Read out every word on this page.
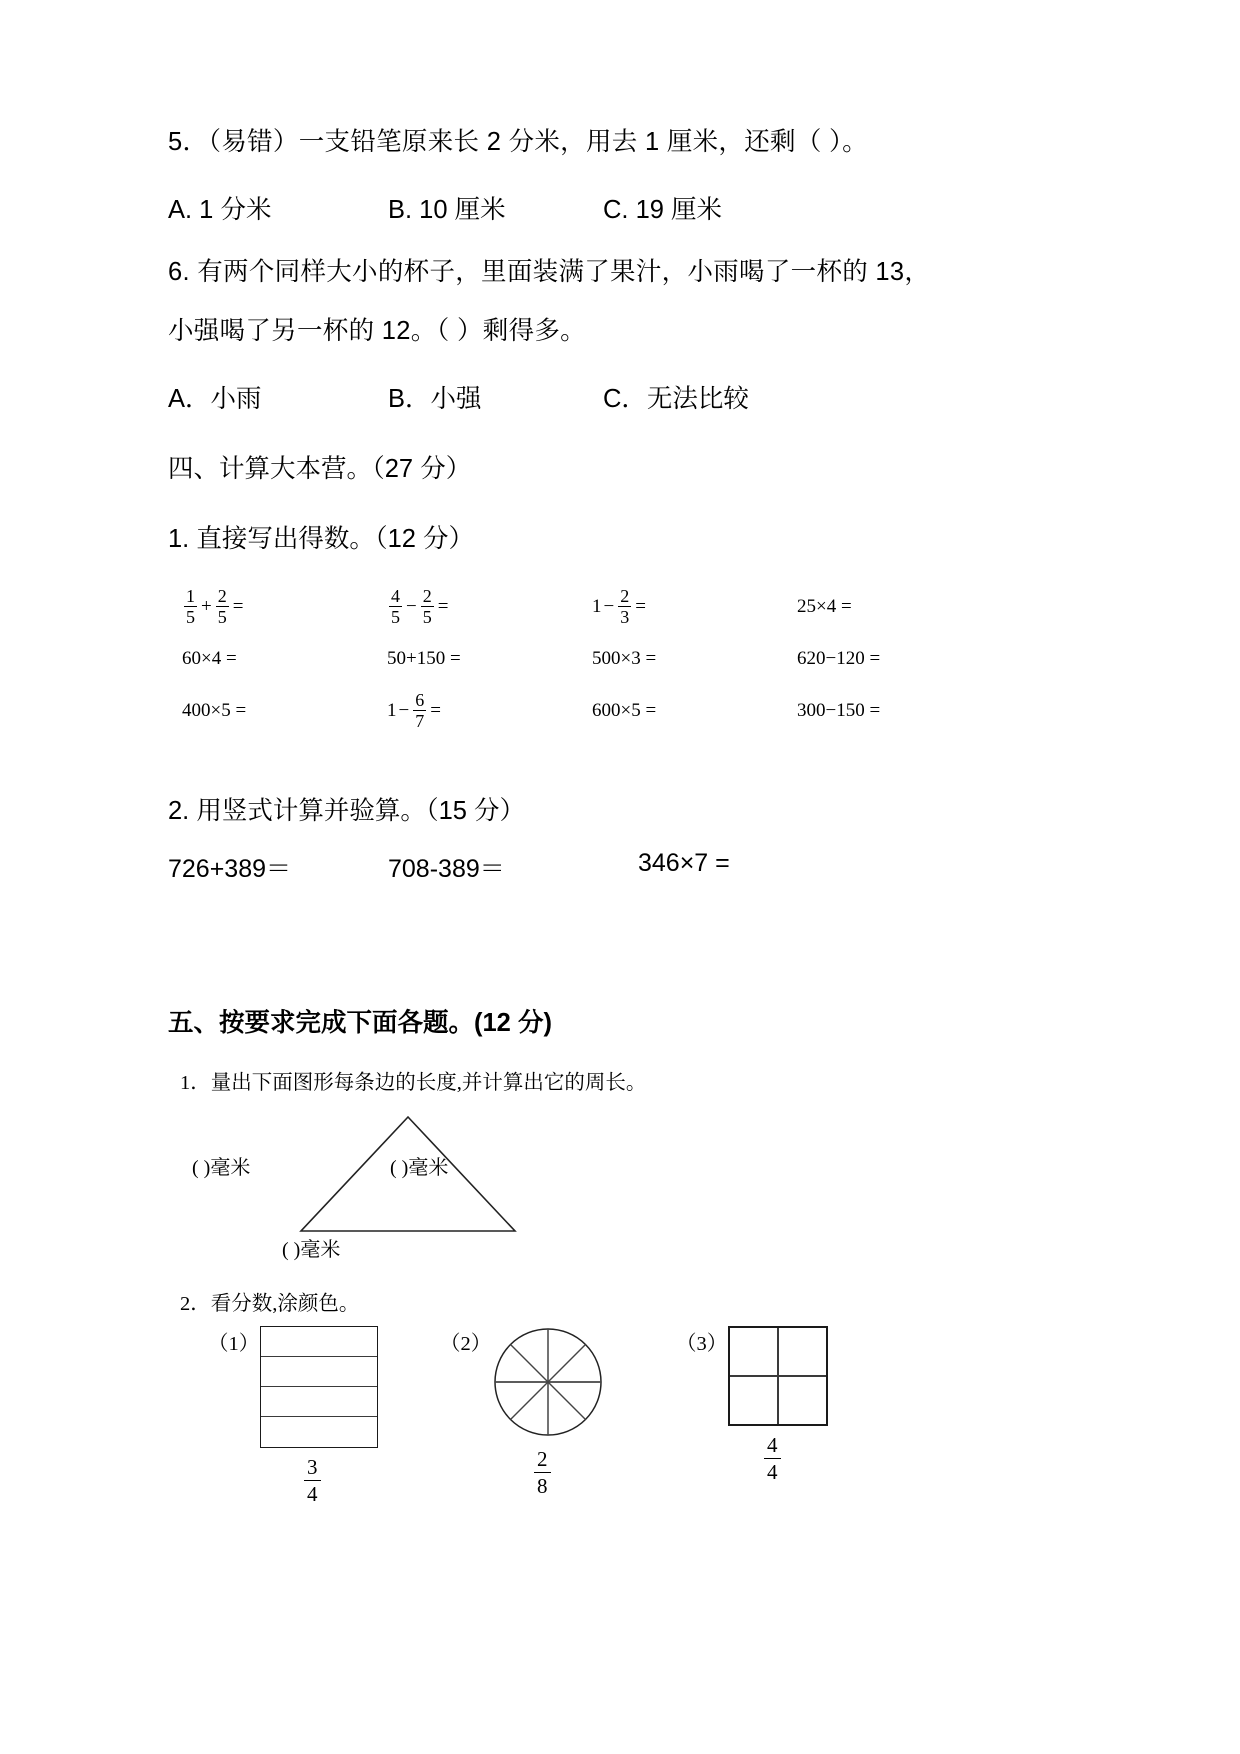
5．（易错）一支铅笔原来长 2 分米，用去 1 厘米，还剩（ ）。
A. 1 分米	B. 10 厘米	C. 19 厘米
6. 有两个同样大小的杯子，里面装满了果汁，小雨喝了一杯的 13，
小强喝了另一杯的 12。（ ）剩得多。
A．小雨	B．小强	C．无法比较
四、计算大本营。（27 分）
1. 直接写出得数。（12 分）
$\frac{1}{5} + \frac{2}{5}$ =	$\frac{4}{5} - \frac{2}{5}$ =	$1 - \frac{2}{3}$ =	25×4 =
60×4 =	50+150 =	500×3 =	620−120 =
400×5 =	$1 - \frac{6}{7}$ =	600×5 =	300−150 =
2. 用竖式计算并验算。（15 分）
726+389＝	708-389＝	346×7 =
五、按要求完成下面各题。(12 分)
1．量出下面图形每条边的长度,并计算出它的周长。
( )毫米	( )毫米
( )毫米
2．看分数,涂颜色。
（1）
$\frac{3}{4}$
（2）
$\frac{2}{8}$
（3）
$\frac{4}{4}$
